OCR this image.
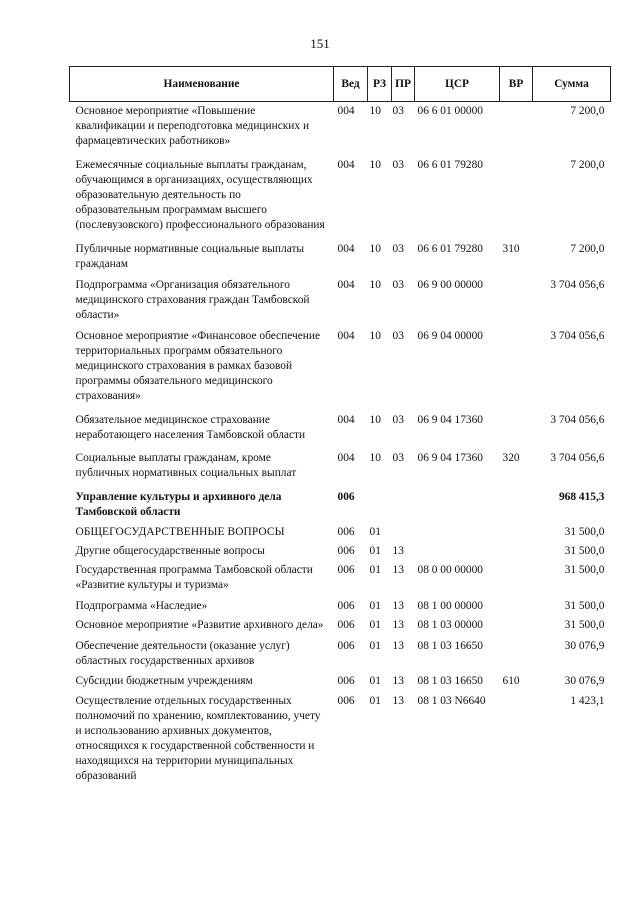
151
Наименование	Вед	РЗ	ПР	ЦСР	ВР	Сумма
Основное мероприятие «Повышение квалификации и переподготовка медицинских и фармацевтических работников»	004	10	03	06 6 01 00000		7 200,0
Ежемесячные социальные выплаты гражданам, обучающимся в организациях, осуществляющих образовательную деятельность по образовательным программам высшего (послевузовского) профессионального образования	004	10	03	06 6 01 79280		7 200,0
Публичные нормативные социальные выплаты гражданам	004	10	03	06 6 01 79280	310	7 200,0
Подпрограмма «Организация обязательного медицинского страхования граждан Тамбовской области»	004	10	03	06 9 00 00000		3 704 056,6
Основное мероприятие «Финансовое обеспечение территориальных программ обязательного медицинского страхования в рамках базовой программы обязательного медицинского страхования»	004	10	03	06 9 04 00000		3 704 056,6
Обязательное медицинское страхование неработающего населения Тамбовской области	004	10	03	06 9 04 17360		3 704 056,6
Социальные выплаты гражданам, кроме публичных нормативных социальных выплат	004	10	03	06 9 04 17360	320	3 704 056,6
Управление культуры и архивного дела Тамбовской области	006					968 415,3
ОБЩЕГОСУДАРСТВЕННЫЕ ВОПРОСЫ	006	01				31 500,0
Другие общегосударственные вопросы	006	01	13			31 500,0
Государственная программа Тамбовской области «Развитие культуры и туризма»	006	01	13	08 0 00 00000		31 500,0
Подпрограмма «Наследие»	006	01	13	08 1 00 00000		31 500,0
Основное мероприятие «Развитие архивного дела»	006	01	13	08 1 03 00000		31 500,0
Обеспечение деятельности (оказание услуг) областных государственных архивов	006	01	13	08 1 03 16650		30 076,9
Субсидии бюджетным учреждениям	006	01	13	08 1 03 16650	610	30 076,9
Осуществление отдельных государственных полномочий по хранению, комплектованию, учету и использованию архивных документов, относящихся к государственной собственности и находящихся на территории муниципальных образований	006	01	13	08 1 03 N6640		1 423,1
